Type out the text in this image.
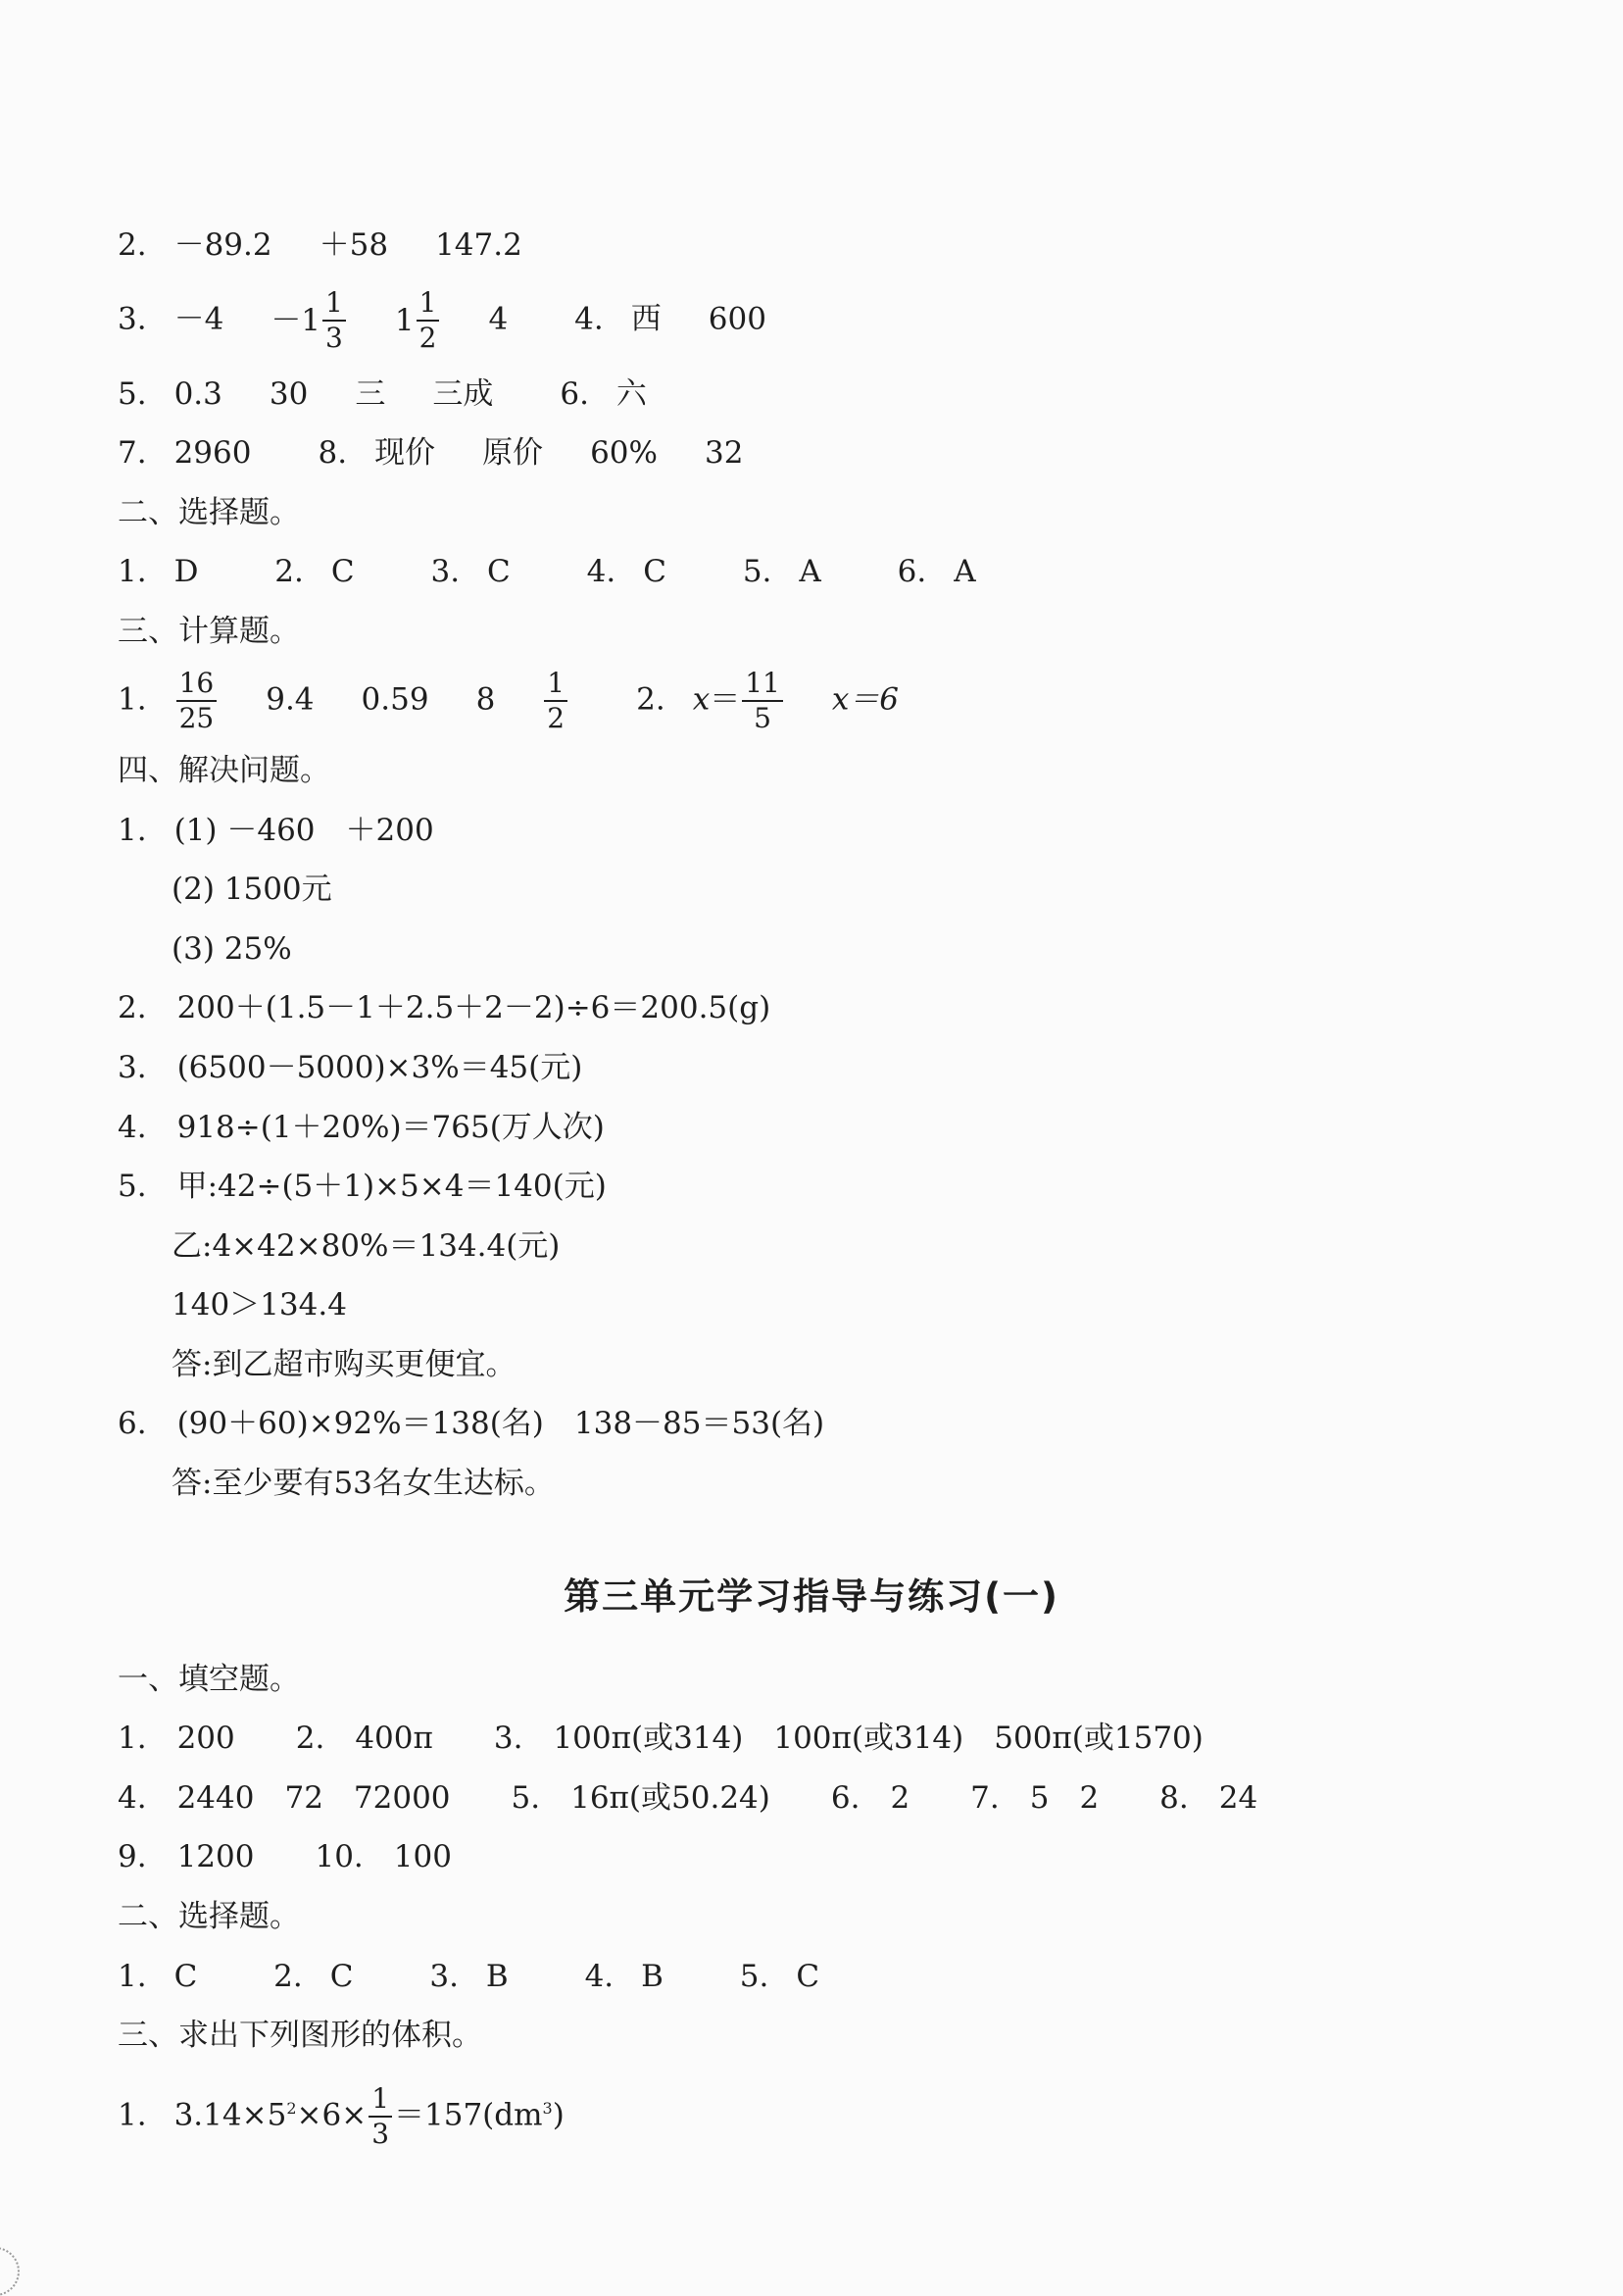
2. －89.2 ＋58 147.2
3. $-4 -1 \frac{1}{3} 1 \frac{1}{2} 4$ 4. 西 600
5. 0.3 30 三 三成 6. 六
7. 2960 8. 现价 原价 60% 32
二、选择题。
1. D	2. C	3. C	4. C	5. A	6. A
三、计算题。
1. $\frac{16}{25} 9.4$ 0.59 $8 \frac{1}{2} 2$. $x= \frac{11}{5} x=6$
四、解决问题。
1. (1) －460　＋200
(2) 1500元
(3) 25%
2.　200＋(1.5－1＋2.5＋2－2)÷6＝200.5(g)
3.　(6500－5000)×3%＝45(元)
4.　918÷(1＋20%)＝765(万人次)
5.　甲:42÷(5＋1)×5×4＝140(元)
乙:4×42×80%＝134.4(元)
140＞134.4
答:到乙超市购买更便宜。
6.　(90＋60)×92%＝138(名)　138－85＝53(名)
答:至少要有53名女生达标。
第三单元学习指导与练习(一)
一、填空题。
1.　200　　2.　400π　　3.　100π(或314)　100π(或314)　500π(或1570)
4.　2440　72　72000　　5.　16π(或50.24)　　6.　2　　7.　5　2　　8.　24
9.　1200　　10.　100
二、选择题。
1. C	2. C	3. B	4. B	5. C
三、求出下列图形的体积。
1. $3.14\times 5^2\times 6\times \frac{1}{3} =157(dm^3)$
